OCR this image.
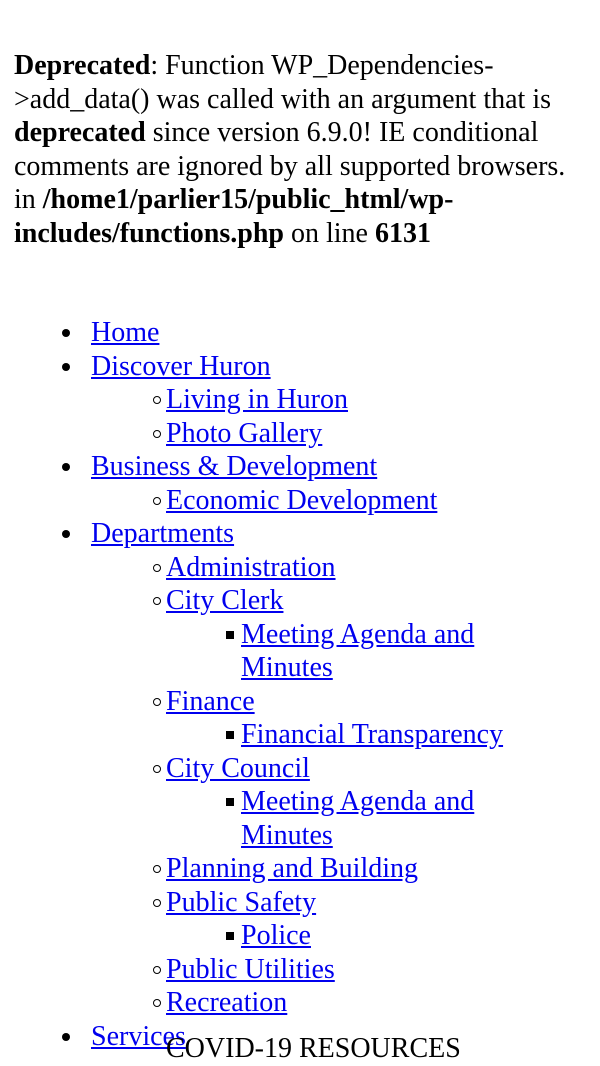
Deprecated: Function WP_Dependencies->add_data() was called with an argument that is deprecated since version 6.9.0! IE conditional comments are ignored by all supported browsers. in /home1/parlier15/public_html/wp-includes/functions.php on line 6131

Home
Discover Huron
Living in Huron
Photo Gallery
Business & Development
Economic Development
Departments
Administration
City Clerk
Meeting Agenda and Minutes
Finance
Financial Transparency
City Council
Meeting Agenda and Minutes
Planning and Building
Public Safety
Police
Public Utilities
Recreation
Services
COVID-19 RESOURCES
